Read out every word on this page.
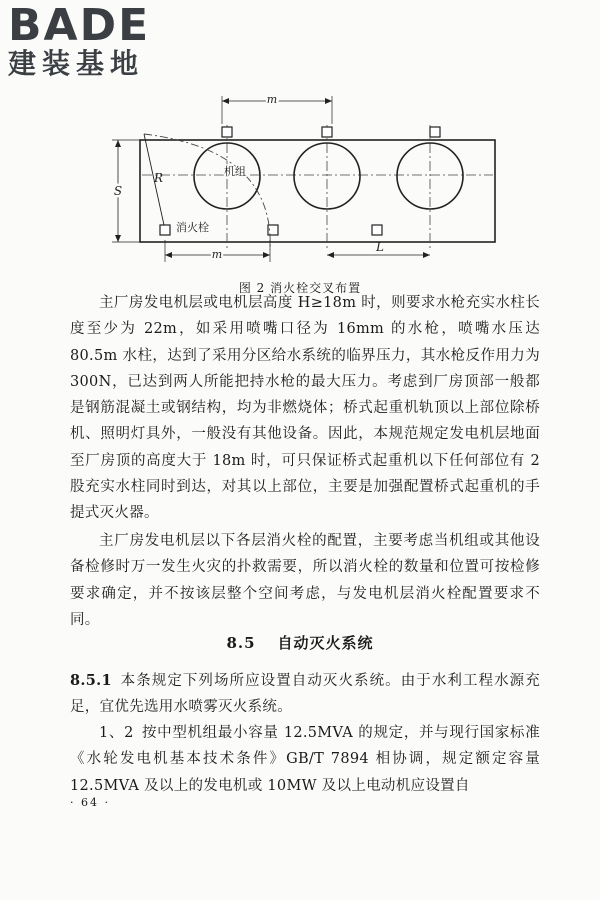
BADE
建装基地
m
m
L
S
R	机组
消火栓
图 2 消火栓交叉布置

主厂房发电机层或电机层高度 H≥18m 时，则要求水枪充实水柱长度至少为 22m，如采用喷嘴口径为 16mm 的水枪，喷嘴水压达 80.5m 水柱，达到了采用分区给水系统的临界压力，其水枪反作用力为 300N，已达到两人所能把持水枪的最大压力。考虑到厂房顶部一般都是钢筋混凝土或钢结构，均为非燃烧体；桥式起重机轨顶以上部位除桥机、照明灯具外，一般没有其他设备。因此，本规范规定发电机层地面至厂房顶的高度大于 18m 时，可只保证桥式起重机以下任何部位有 2 股充实水柱同时到达，对其以上部位，主要是加强配置桥式起重机的手提式灭火器。

主厂房发电机层以下各层消火栓的配置，主要考虑当机组或其他设备检修时万一发生火灾的扑救需要，所以消火栓的数量和位置可按检修要求确定，并不按该层整个空间考虑，与发电机层消火栓配置要求不同。

8.5 自动灭火系统

8.5.1 本条规定下列场所应设置自动灭火系统。由于水利工程水源充足，宜优先选用水喷雾灭火系统。

1、2 按中型机组最小容量 12.5MVA 的规定，并与现行国家标准《水轮发电机基本技术条件》GB/T 7894 相协调，规定额定容量 12.5MVA 及以上的发电机或 10MW 及以上电动机应设置自

· 64 ·
